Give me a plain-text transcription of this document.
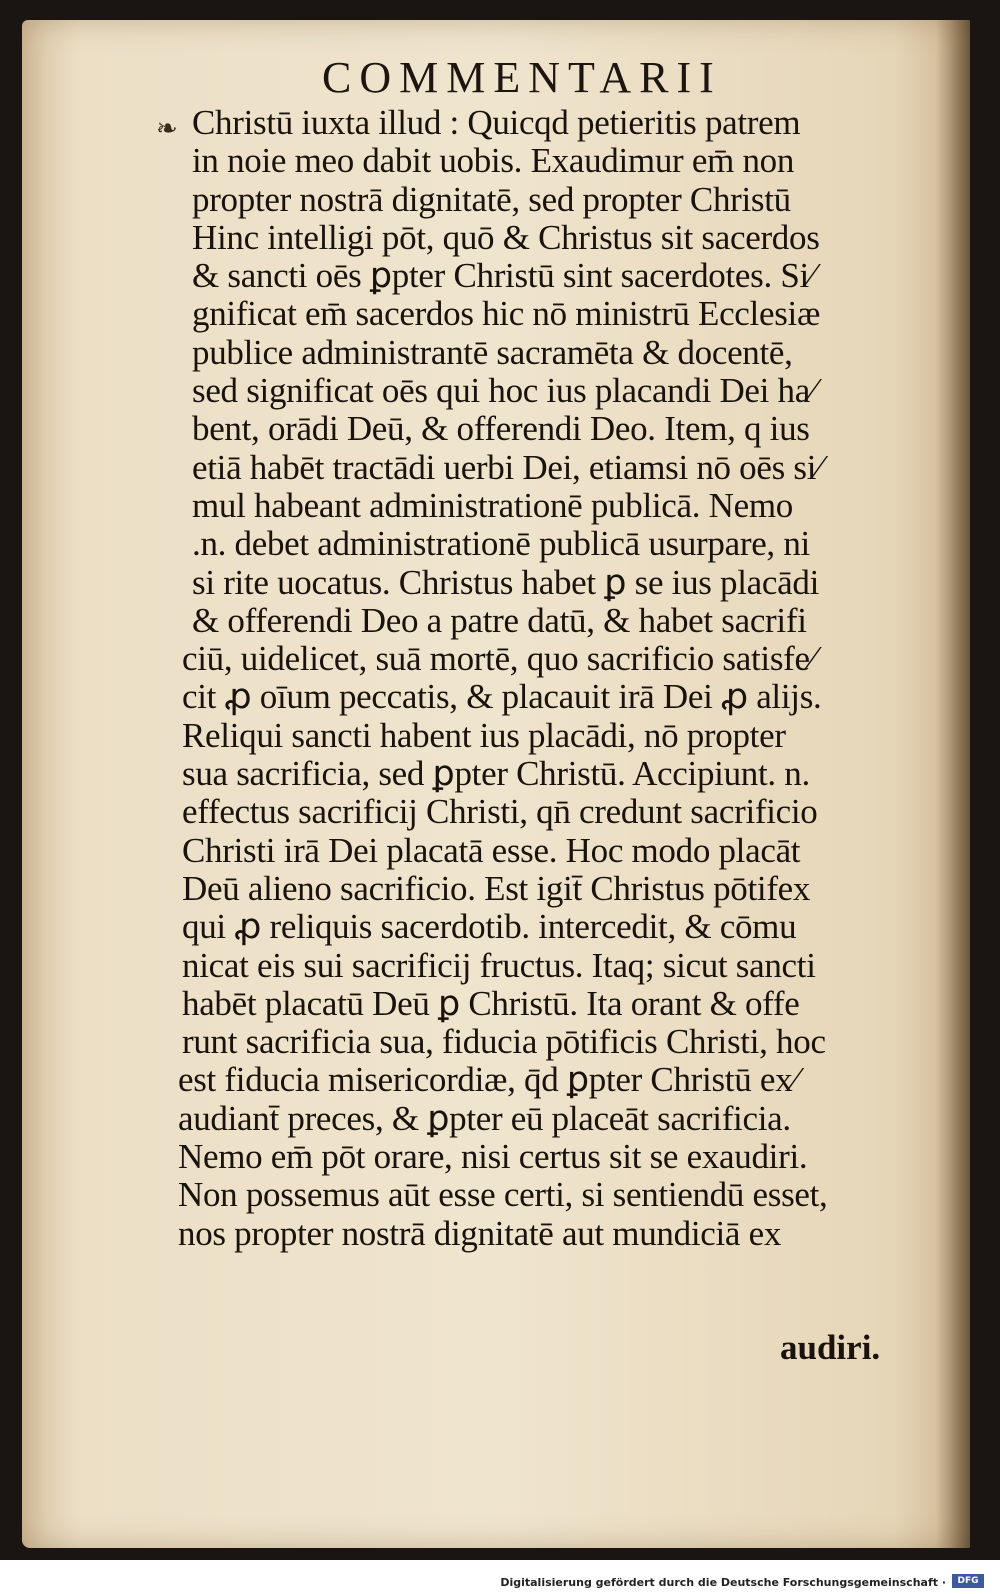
COMMENTARII
❧ Christū iuxta illud : Quicqd petieritis patrem
in noie meo dabit uobis. Exaudimur em̄ non
propter nostrā dignitatē, sed propter Christū
Hinc intelligi pōt, quō & Christus sit sacerdos
& sancti oēs ꝑpter Christū sint sacerdotes. Si⁄
gnificat em̄ sacerdos hic nō ministrū Ecclesiæ
publice administrantē sacramēta & docentē,
sed significat oēs qui hoc ius placandi Dei ha⁄
bent, orādi Deū, & offerendi Deo. Item, q ius
etiā habēt tractādi uerbi Dei, etiamsi nō oēs si⁄
mul habeant administrationē publicā. Nemo
.n. debet administrationē publicā usurpare, ni
si rite uocatus. Christus habet ꝑ se ius placādi
& offerendi Deo a patre datū, & habet sacrifi
ciū, uidelicet, suā mortē, quo sacrificio satisfe⁄
cit ꝓ oīum peccatis, & placauit irā Dei ꝓ alijs.
Reliqui sancti habent ius placādi, nō propter
sua sacrificia, sed ꝑpter Christū. Accipiunt. n.
effectus sacrificij Christi, qn̄ credunt sacrificio
Christi irā Dei placatā esse. Hoc modo placāt
Deū alieno sacrificio. Est igit̄ Christus pōtifex
qui ꝓ reliquis sacerdotib. intercedit, & cōmu
nicat eis sui sacrificij fructus. Itaq; sicut sancti
habēt placatū Deū ꝑ Christū. Ita orant & offe
runt sacrificia sua, fiducia pōtificis Christi, hoc
est fiducia misericordiæ, q̄d ꝑpter Christū ex⁄
audiant̄ preces, & ꝑpter eū placeāt sacrificia.
Nemo em̄ pōt orare, nisi certus sit se exaudiri.
Non possemus aūt esse certi, si sentiendū esset,
nos propter nostrā dignitatē aut mundiciā ex
audiri.
Digitalisierung gefördert durch die Deutsche Forschungsgemeinschaft ·	DFG
